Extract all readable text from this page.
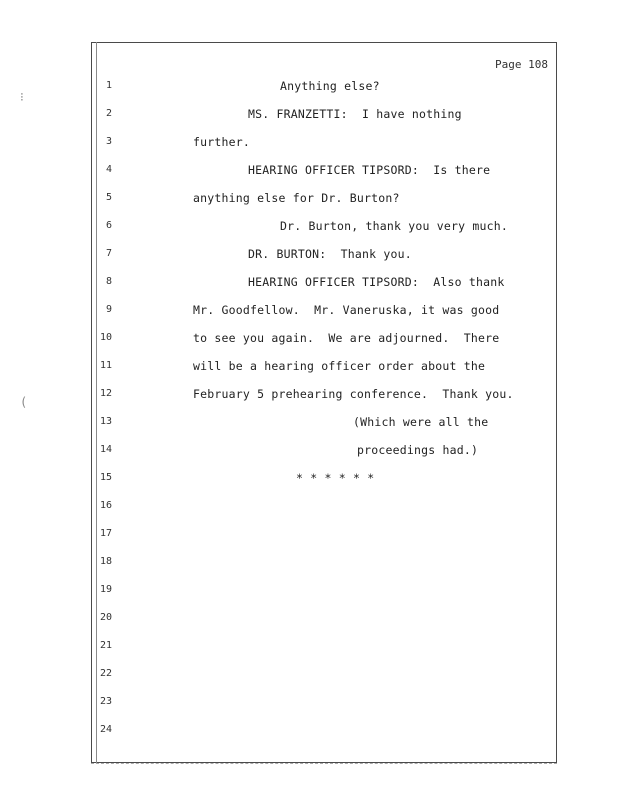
Page 108
⁝
(
1
2
3
4
5
6
7
8
9
10
11
12
13
14
15
16
17
18
19
20
21
22
23
24
Anything else?
MS. FRANZETTI:  I have nothing
further.
HEARING OFFICER TIPSORD:  Is there
anything else for Dr. Burton?
Dr. Burton, thank you very much.
DR. BURTON:  Thank you.
HEARING OFFICER TIPSORD:  Also thank
Mr. Goodfellow.  Mr. Vaneruska, it was good
to see you again.  We are adjourned.  There
will be a hearing officer order about the
February 5 prehearing conference.  Thank you.
(Which were all the
proceedings had.)
* * * * * *
